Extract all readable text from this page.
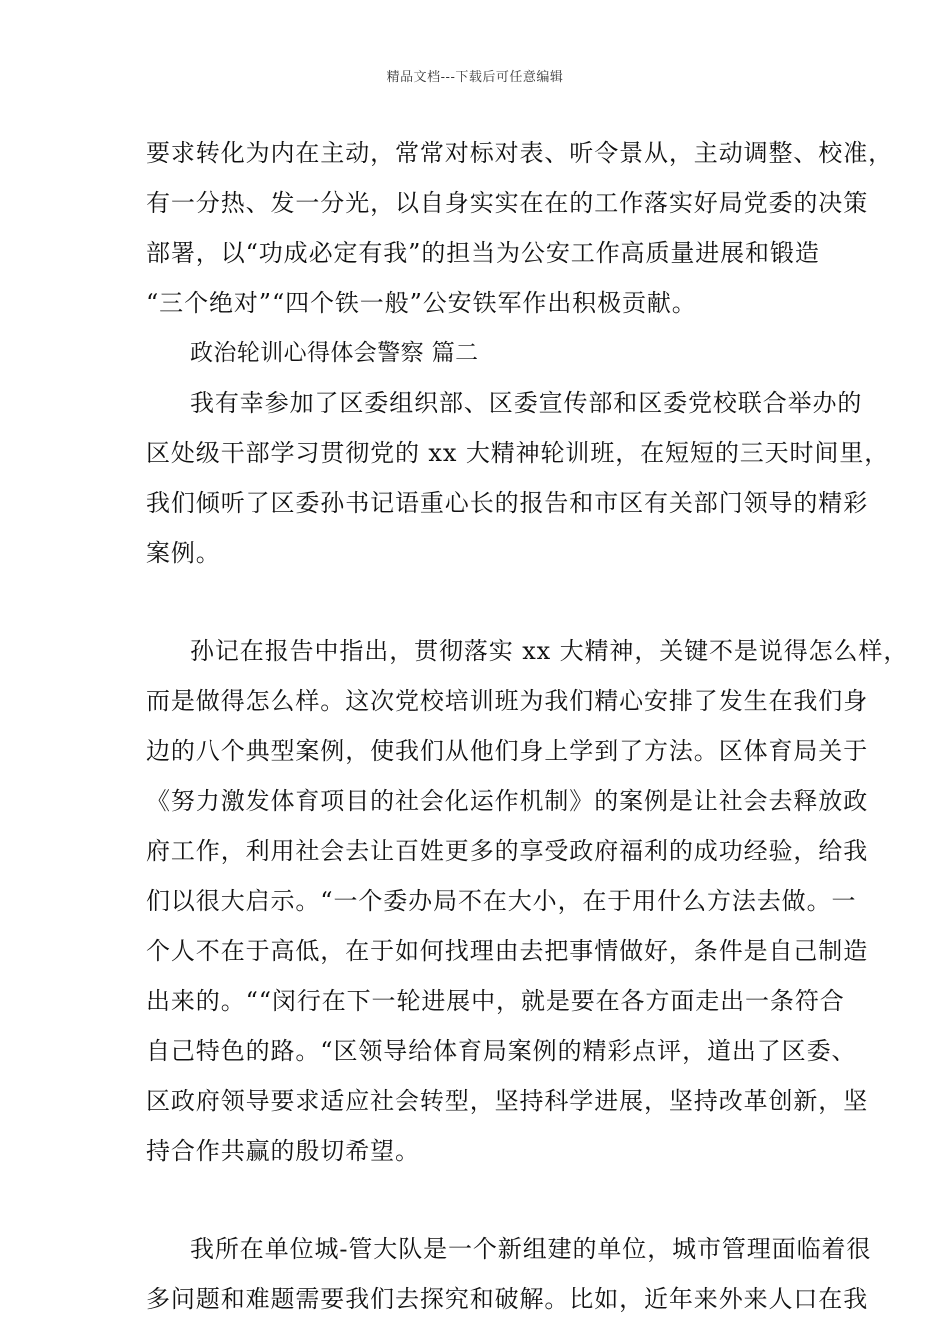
精品文档---下载后可任意编辑
要求转化为内在主动，常常对标对表、听令景从，主动调整、校准，
有一分热、发一分光，以自身实实在在的工作落实好局党委的决策
部署，以“功成必定有我”的担当为公安工作高质量进展和锻造
“三个绝对”“四个铁一般”公安铁军作出积极贡献。
政治轮训心得体会警察 篇二
我有幸参加了区委组织部、区委宣传部和区委党校联合举办的
区处级干部学习贯彻党的 xx 大精神轮训班，在短短的三天时间里，
我们倾听了区委孙书记语重心长的报告和市区有关部门领导的精彩
案例。
孙记在报告中指出，贯彻落实 xx 大精神，关键不是说得怎么样，
而是做得怎么样。这次党校培训班为我们精心安排了发生在我们身
边的八个典型案例，使我们从他们身上学到了方法。区体育局关于
《努力激发体育项目的社会化运作机制》的案例是让社会去释放政
府工作，利用社会去让百姓更多的享受政府福利的成功经验，给我
们以很大启示。“一个委办局不在大小，在于用什么方法去做。一
个人不在于高低，在于如何找理由去把事情做好，条件是自己制造
出来的。““闵行在下一轮进展中，就是要在各方面走出一条符合
自己特色的路。“区领导给体育局案例的精彩点评，道出了区委、
区政府领导要求适应社会转型，坚持科学进展，坚持改革创新，坚
持合作共赢的殷切希望。
我所在单位城-管大队是一个新组建的单位，城市管理面临着很
多问题和难题需要我们去探究和破解。比如，近年来外来人口在我
